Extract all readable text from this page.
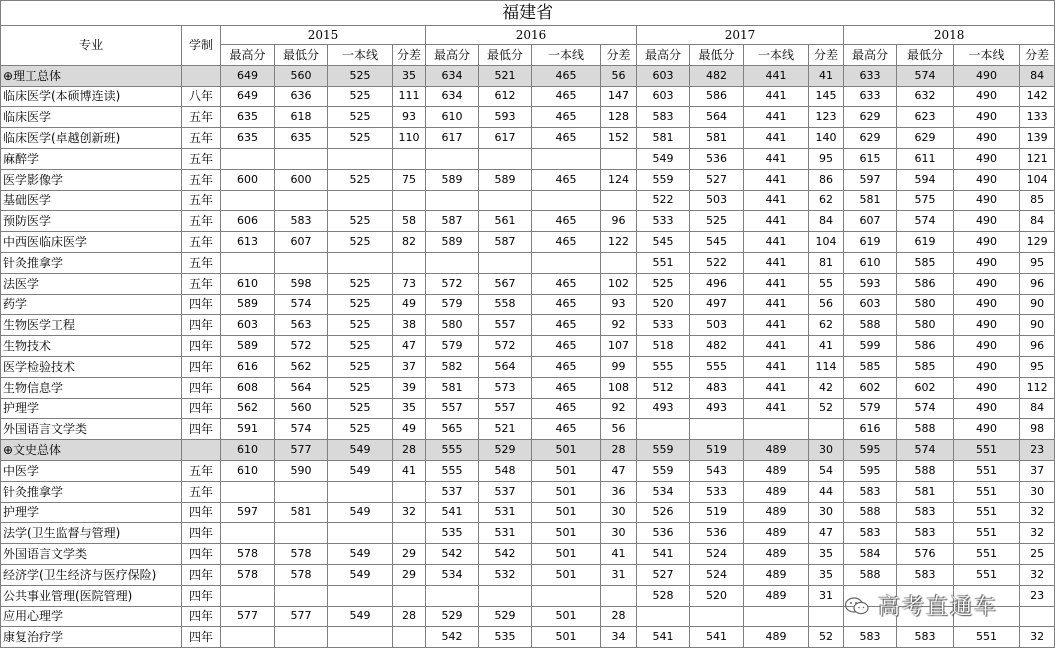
福建省																	
专业	学制	2015				2016				2017				2018			
		最高分	最低分	一本线	分差	最高分	最低分	一本线	分差	最高分	最低分	一本线	分差	最高分	最低分	一本线	分差
⊕理工总体		649	560	525	35	634	521	465	56	603	482	441	41	633	574	490	84
临床医学(本硕博连读)	八年	649	636	525	111	634	612	465	147	603	586	441	145	633	632	490	142
临床医学	五年	635	618	525	93	610	593	465	128	583	564	441	123	629	623	490	133
临床医学(卓越创新班)	五年	635	635	525	110	617	617	465	152	581	581	441	140	629	629	490	139
麻醉学	五年									549	536	441	95	615	611	490	121
医学影像学	五年	600	600	525	75	589	589	465	124	559	527	441	86	597	594	490	104
基础医学	五年									522	503	441	62	581	575	490	85
预防医学	五年	606	583	525	58	587	561	465	96	533	525	441	84	607	574	490	84
中西医临床医学	五年	613	607	525	82	589	587	465	122	545	545	441	104	619	619	490	129
针灸推拿学	五年									551	522	441	81	610	585	490	95
法医学	五年	610	598	525	73	572	567	465	102	525	496	441	55	593	586	490	96
药学	四年	589	574	525	49	579	558	465	93	520	497	441	56	603	580	490	90
生物医学工程	四年	603	563	525	38	580	557	465	92	533	503	441	62	588	580	490	90
生物技术	四年	589	572	525	47	579	572	465	107	518	482	441	41	599	586	490	96
医学检验技术	四年	616	562	525	37	582	564	465	99	555	555	441	114	585	585	490	95
生物信息学	四年	608	564	525	39	581	573	465	108	512	483	441	42	602	602	490	112
护理学	四年	562	560	525	35	557	557	465	92	493	493	441	52	579	574	490	84
外国语言文学类	四年	591	574	525	49	565	521	465	56					616	588	490	98
⊕文史总体		610	577	549	28	555	529	501	28	559	519	489	30	595	574	551	23
中医学	五年	610	590	549	41	555	548	501	47	559	543	489	54	595	588	551	37
针灸推拿学	五年					537	537	501	36	534	533	489	44	583	581	551	30
护理学	四年	597	581	549	32	541	531	501	30	526	519	489	30	588	583	551	32
法学(卫生监督与管理)	四年					535	531	501	30	536	536	489	47	583	583	551	32
外国语言文学类	四年	578	578	549	29	542	542	501	41	541	524	489	35	584	576	551	25
经济学(卫生经济与医疗保险)	四年	578	578	549	29	534	532	501	31	527	524	489	35	588	583	551	32
公共事业管理(医院管理)	四年									528	520	489	31				23
应用心理学	四年	577	577	549	28	529	529	501	28								
康复治疗学	四年					542	535	501	34	541	541	489	52	583	583	551	32
高考直通车
